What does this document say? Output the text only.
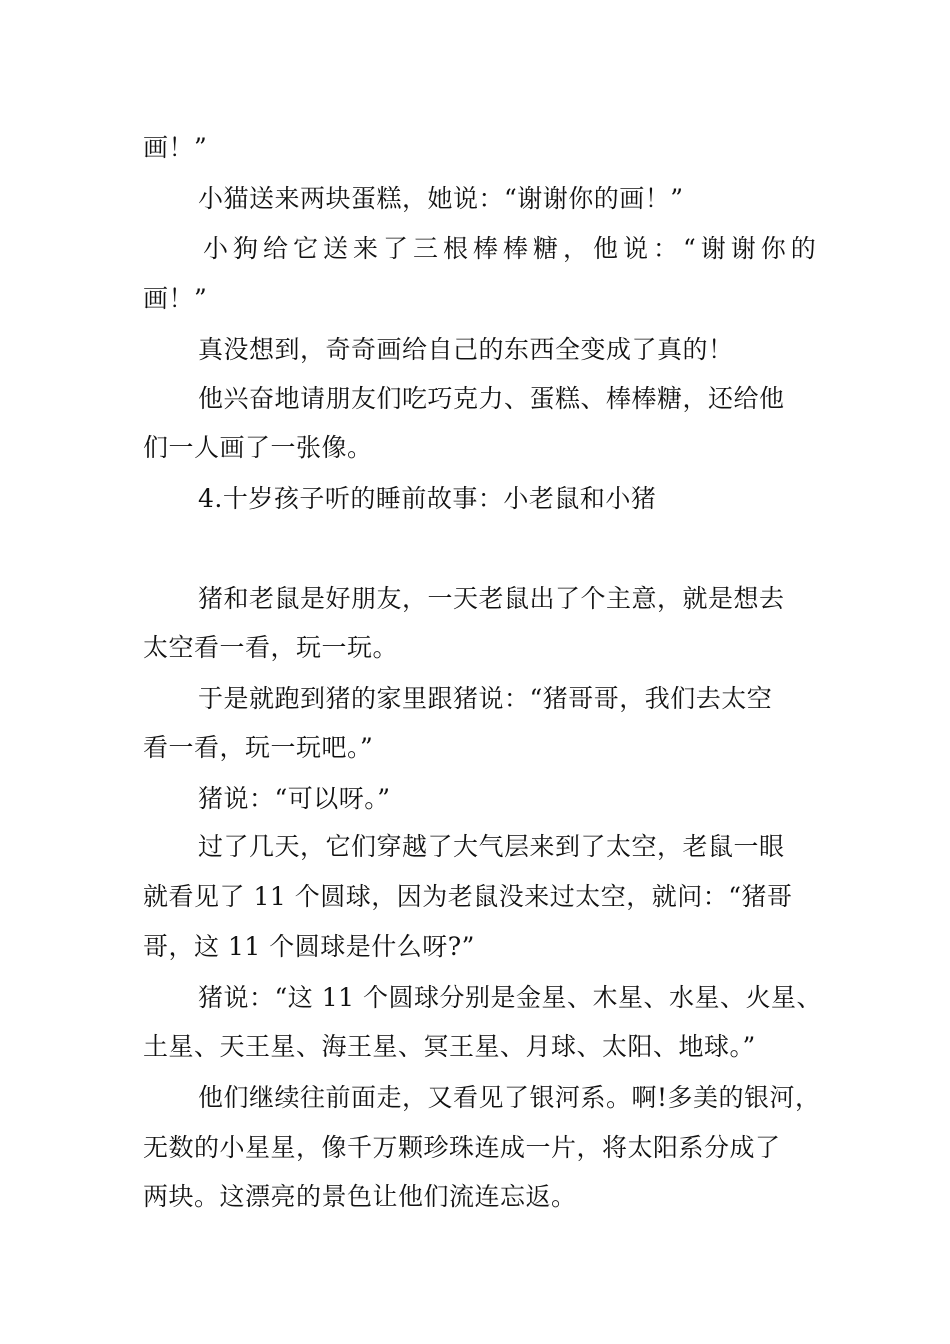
画！”
小猫送来两块蛋糕，她说：“谢谢你的画！”
小狗给它送来了三根棒棒糖，他说：“谢谢你的
画！”
真没想到，奇奇画给自己的东西全变成了真的！
他兴奋地请朋友们吃巧克力、蛋糕、棒棒糖，还给他
们一人画了一张像。
4.十岁孩子听的睡前故事：小老鼠和小猪
猪和老鼠是好朋友，一天老鼠出了个主意，就是想去
太空看一看，玩一玩。
于是就跑到猪的家里跟猪说：“猪哥哥，我们去太空
看一看，玩一玩吧。”
猪说：“可以呀。”
过了几天，它们穿越了大气层来到了太空，老鼠一眼
就看见了 11 个圆球，因为老鼠没来过太空，就问：“猪哥
哥，这 11 个圆球是什么呀?”
猪说：“这 11 个圆球分别是金星、木星、水星、火星、
土星、天王星、海王星、冥王星、月球、太阳、地球。”
他们继续往前面走，又看见了银河系。啊!多美的银河，
无数的小星星，像千万颗珍珠连成一片，将太阳系分成了
两块。这漂亮的景色让他们流连忘返。
